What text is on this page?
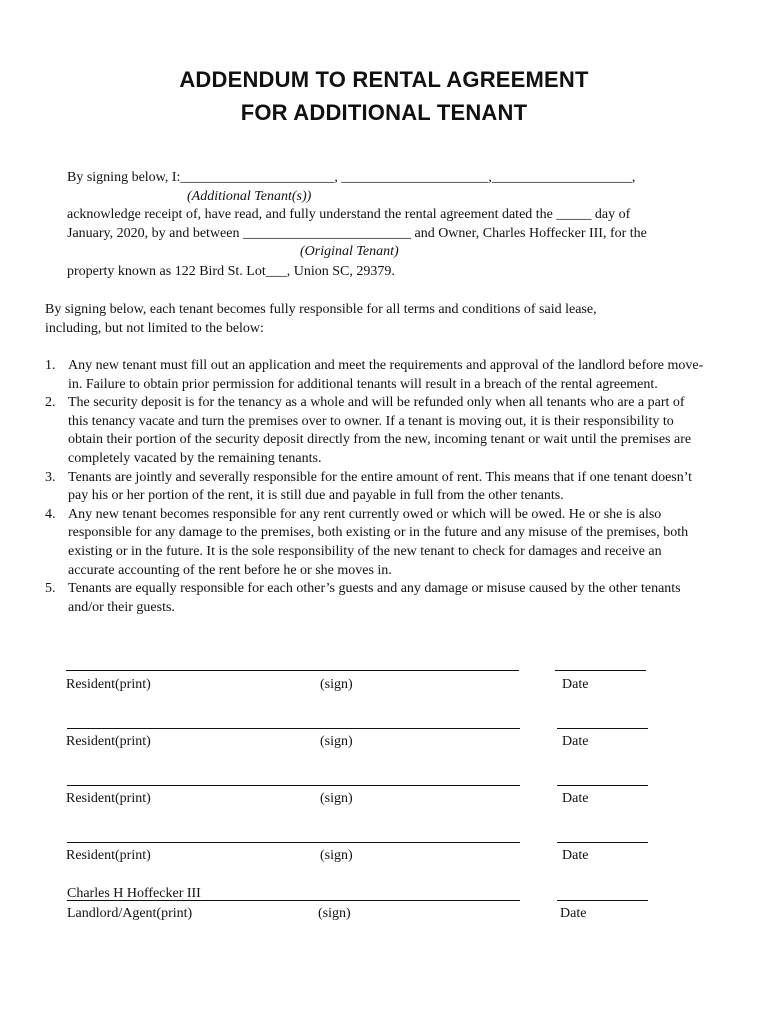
ADDENDUM TO RENTAL AGREEMENT
FOR ADDITIONAL TENANT

By signing below, I:______________________, _____________________,____________________,

(Additional Tenant(s))

acknowledge receipt of, have read, and fully understand the rental agreement dated the _____ day of

January, 2020, by and between ________________________ and Owner, Charles Hoffecker III, for the

(Original Tenant)

property known as 122 Bird St. Lot___, Union SC, 29379.

By signing below, each tenant becomes fully responsible for all terms and conditions of said lease,

including, but not limited to the below:

1. Any new tenant must fill out an application and meet the requirements and approval of the landlord before move-in. Failure to obtain prior permission for additional tenants will result in a breach of the rental agreement.
2. The security deposit is for the tenancy as a whole and will be refunded only when all tenants who are a part of this tenancy vacate and turn the premises over to owner. If a tenant is moving out, it is their responsibility to obtain their portion of the security deposit directly from the new, incoming tenant or wait until the premises are completely vacated by the remaining tenants.
3. Tenants are jointly and severally responsible for the entire amount of rent. This means that if one tenant doesn’t pay his or her portion of the rent, it is still due and payable in full from the other tenants.
4. Any new tenant becomes responsible for any rent currently owed or which will be owed. He or she is also responsible for any damage to the premises, both existing or in the future and any misuse of the premises, both existing or in the future. It is the sole responsibility of the new tenant to check for damages and receive an accurate accounting of the rent before he or she moves in.
5. Tenants are equally responsible for each other’s guests and any damage or misuse caused by the other tenants and/or their guests.
Resident(print)	(sign)	Date
Resident(print)	(sign)	Date
Resident(print)	(sign)	Date
Resident(print)	(sign)	Date
Charles H Hoffecker III
Landlord/Agent(print)	(sign)	Date
